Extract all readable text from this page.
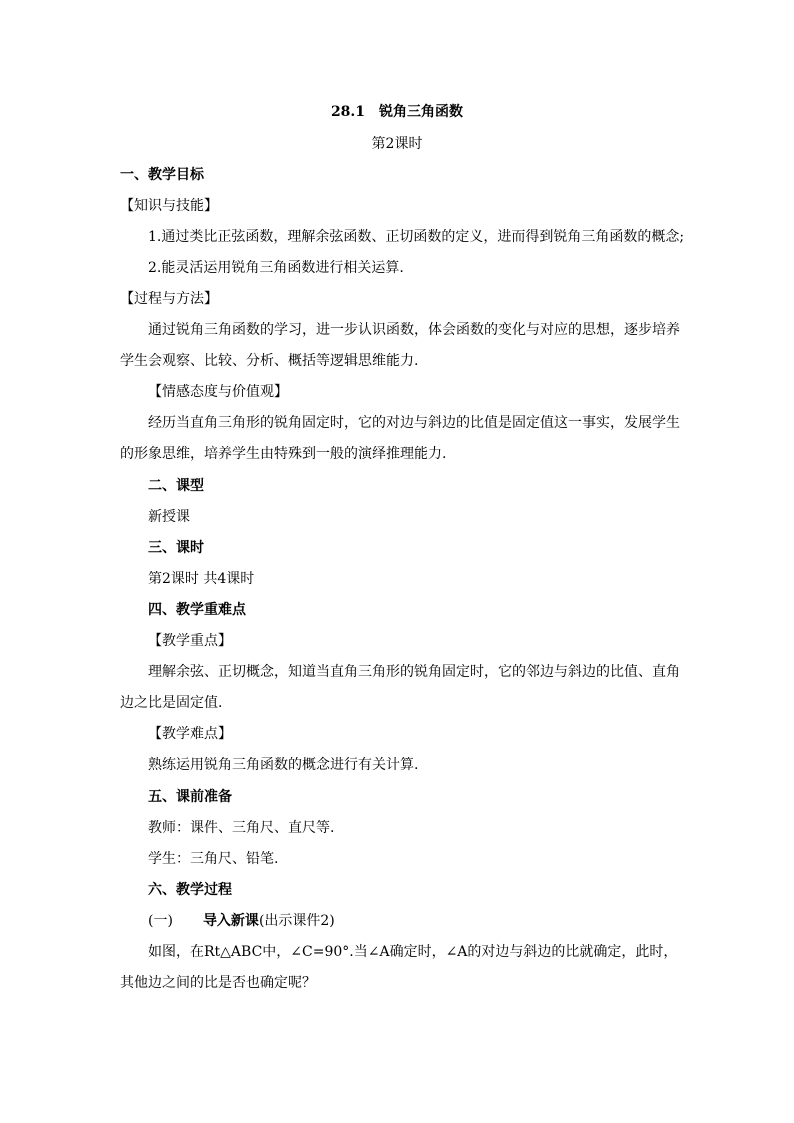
28.1　锐角三角函数
第2课时
一、教学目标
【知识与技能】
1.通过类比正弦函数，理解余弦函数、正切函数的定义，进而得到锐角三角函数的概念;
2.能灵活运用锐角三角函数进行相关运算.
【过程与方法】
通过锐角三角函数的学习，进一步认识函数，体会函数的变化与对应的思想，逐步培养
学生会观察、比较、分析、概括等逻辑思维能力.
【情感态度与价值观】
经历当直角三角形的锐角固定时，它的对边与斜边的比值是固定值这一事实，发展学生
的形象思维，培养学生由特殊到一般的演绎推理能力.
二、课型
新授课
三、课时
第2课时 共4课时
四、教学重难点
【教学重点】
理解余弦、正切概念，知道当直角三角形的锐角固定时，它的邻边与斜边的比值、直角
边之比是固定值.
【教学难点】
熟练运用锐角三角函数的概念进行有关计算.
五、课前准备
教师：课件、三角尺、直尺等.
学生：三角尺、铅笔.
六、教学过程
(一) 导入新课(出示课件2)
如图，在Rt△ABC中，∠C=90°.当∠A确定时，∠A的对边与斜边的比就确定，此时，
其他边之间的比是否也确定呢？
